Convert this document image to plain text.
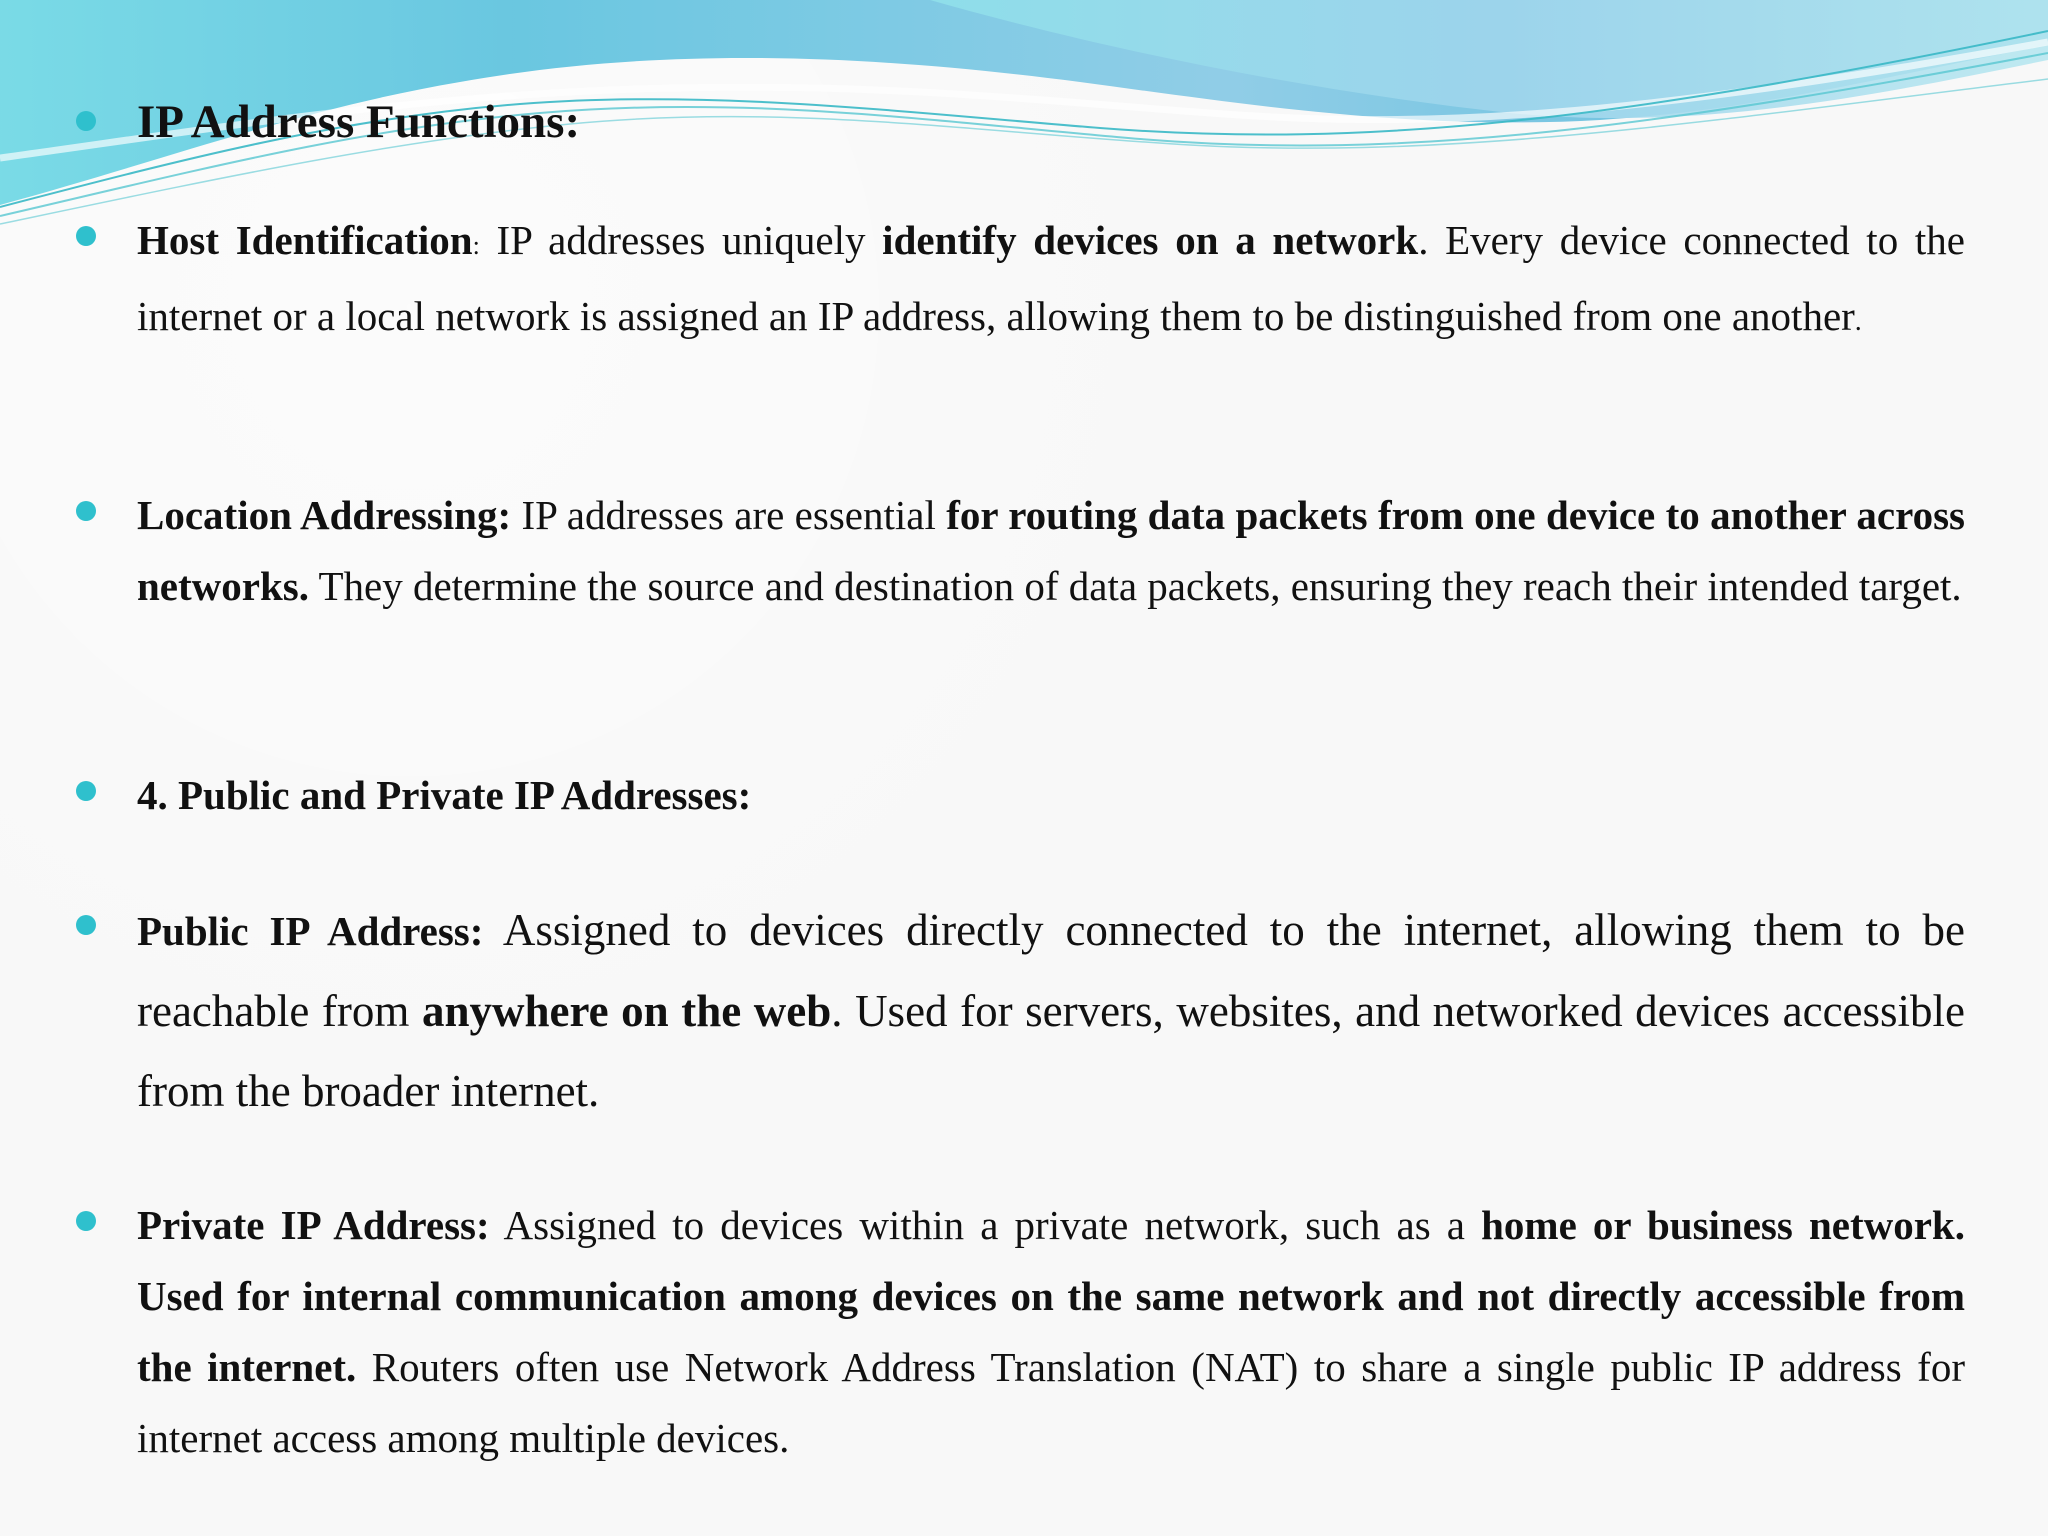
IP Address Functions:
Host Identification: IP addresses uniquely identify devices on a network. Every device connected to the internet or a local network is assigned an IP address, allowing them to be distinguished from one another.
Location Addressing: IP addresses are essential for routing data packets from one device to another across networks. They determine the source and destination of data packets, ensuring they reach their intended target.
4. Public and Private IP Addresses:
Public IP Address: Assigned to devices directly connected to the internet, allowing them to be reachable from anywhere on the web. Used for servers, websites, and networked devices accessible from the broader internet.
Private IP Address: Assigned to devices within a private network, such as a home or business network. Used for internal communication among devices on the same network and not directly accessible from the internet. Routers often use Network Address Translation (NAT) to share a single public IP address for internet access among multiple devices.
